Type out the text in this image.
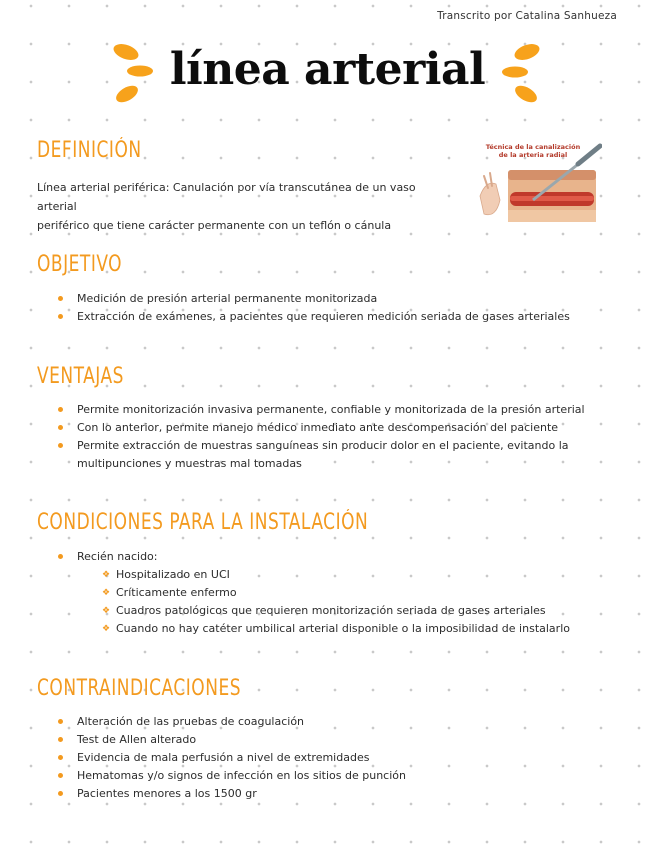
Transcrito por Catalina Sanhueza
línea arterial
DEFINICIÓN
Línea arterial periférica: Canulación por vía transcutánea de un vaso arterial
periférico que tiene carácter permanente con un teflón o cánula
Técnica de la canalización
de la arteria radial
OBJETIVO
Medición de presión arterial permanente monitorizada
Extracción de exámenes, a pacientes que requieren medición seriada de gases arteriales
VENTAJAS
Permite monitorización invasiva permanente, confiable y monitorizada de la presión arterial
Con lo anterior, permite manejo médico inmediato ante descompensación del paciente
Permite extracción de muestras sanguíneas sin producir dolor en el paciente, evitando la multipunciones y muestras mal tomadas
CONDICIONES PARA LA INSTALACIÓN
Recién nacido:
❖ Hospitalizado en UCI
❖ Críticamente enfermo
❖ Cuadros patológicos que requieren monitorización seriada de gases arteriales
❖ Cuando no hay catéter umbilical arterial disponible o la imposibilidad de instalarlo
CONTRAINDICACIONES
Alteración de las pruebas de coagulación
Test de Allen alterado
Evidencia de mala perfusión a nivel de extremidades
Hematomas y/o signos de infección en los sitios de punción
Pacientes menores a los 1500 gr
